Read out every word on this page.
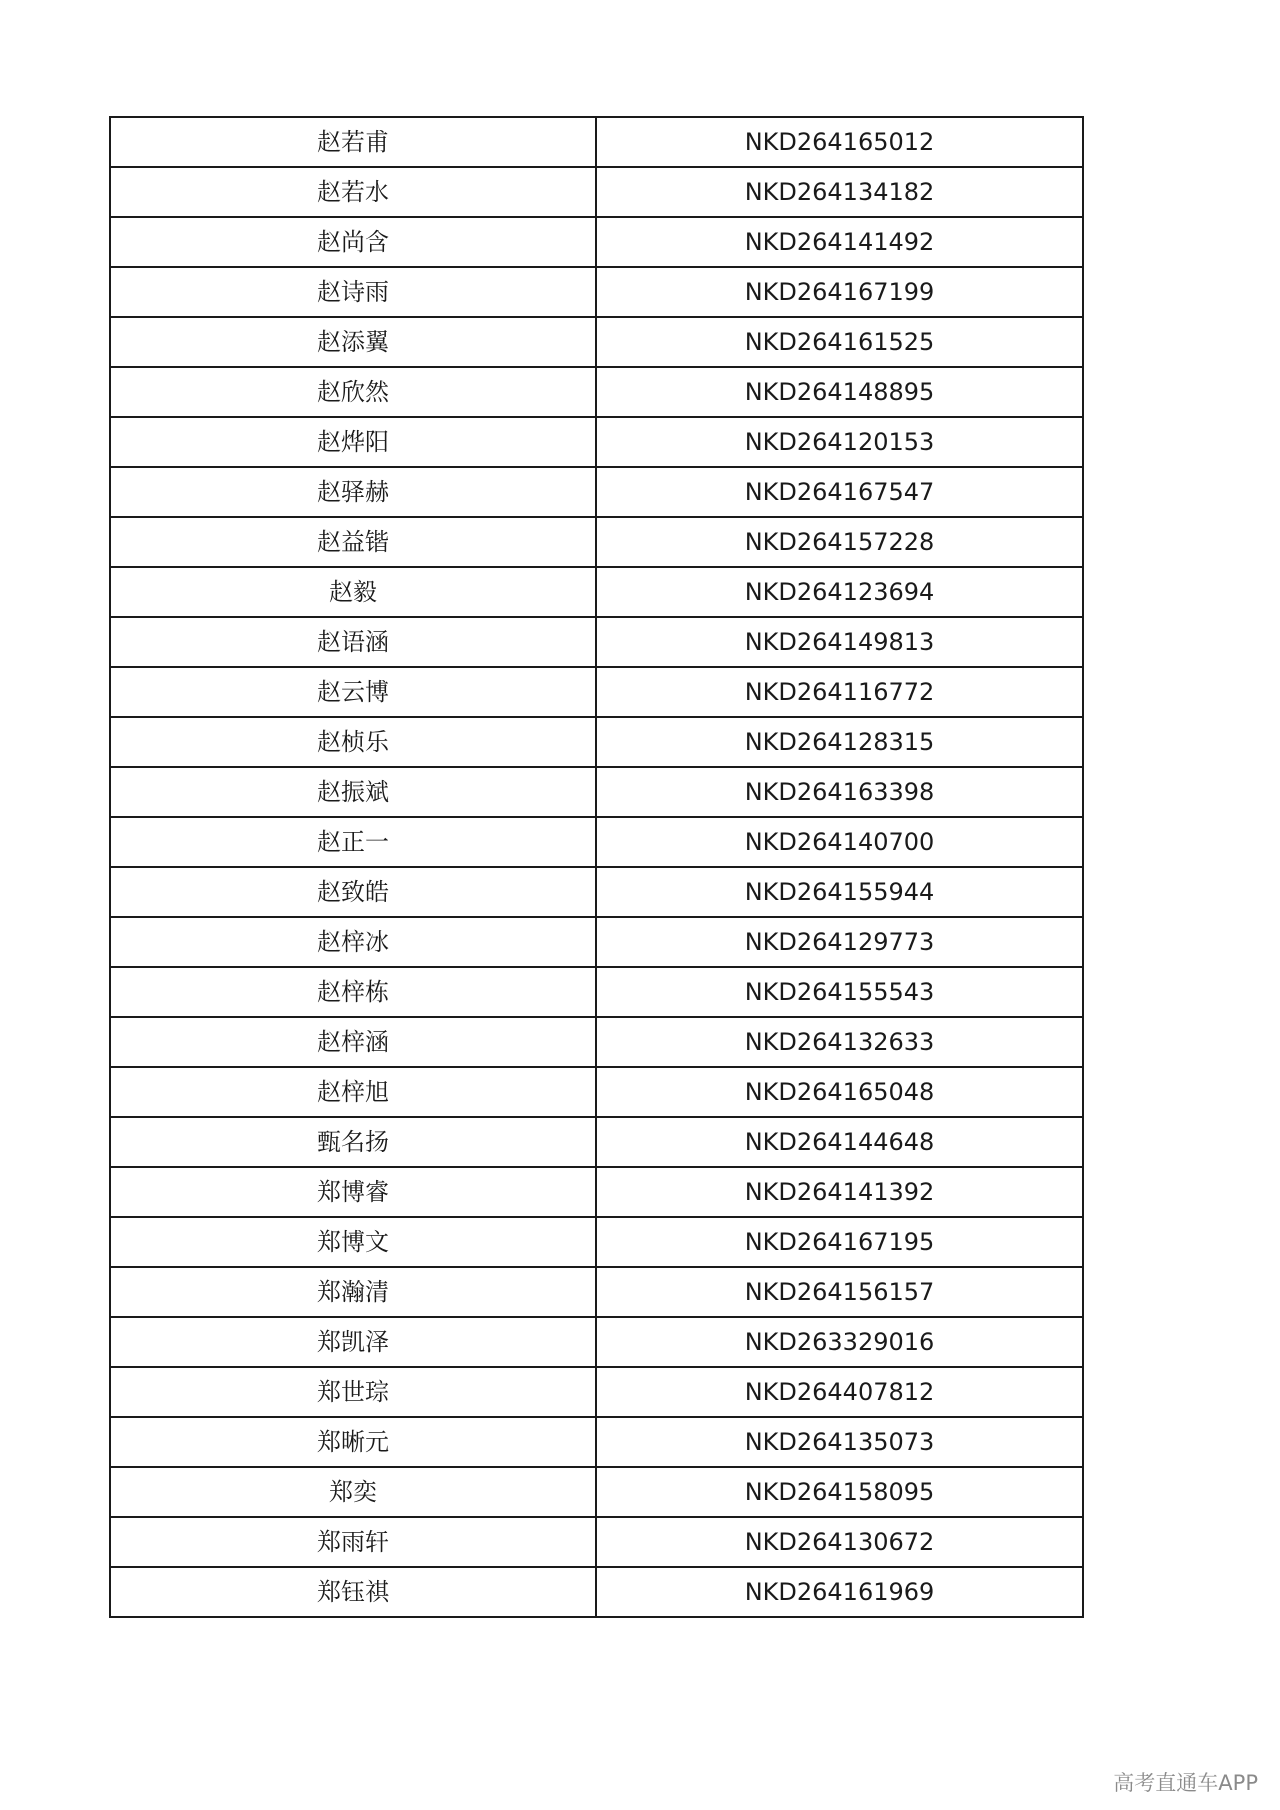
赵若甫	NKD264165012
赵若水	NKD264134182
赵尚含	NKD264141492
赵诗雨	NKD264167199
赵添翼	NKD264161525
赵欣然	NKD264148895
赵烨阳	NKD264120153
赵驿赫	NKD264167547
赵益锴	NKD264157228
赵毅	NKD264123694
赵语涵	NKD264149813
赵云博	NKD264116772
赵桢乐	NKD264128315
赵振斌	NKD264163398
赵正一	NKD264140700
赵致皓	NKD264155944
赵梓冰	NKD264129773
赵梓栋	NKD264155543
赵梓涵	NKD264132633
赵梓旭	NKD264165048
甄名扬	NKD264144648
郑博睿	NKD264141392
郑博文	NKD264167195
郑瀚清	NKD264156157
郑凯泽	NKD263329016
郑世琮	NKD264407812
郑晰元	NKD264135073
郑奕	NKD264158095
郑雨轩	NKD264130672
郑钰祺	NKD264161969
高考直通车APP
